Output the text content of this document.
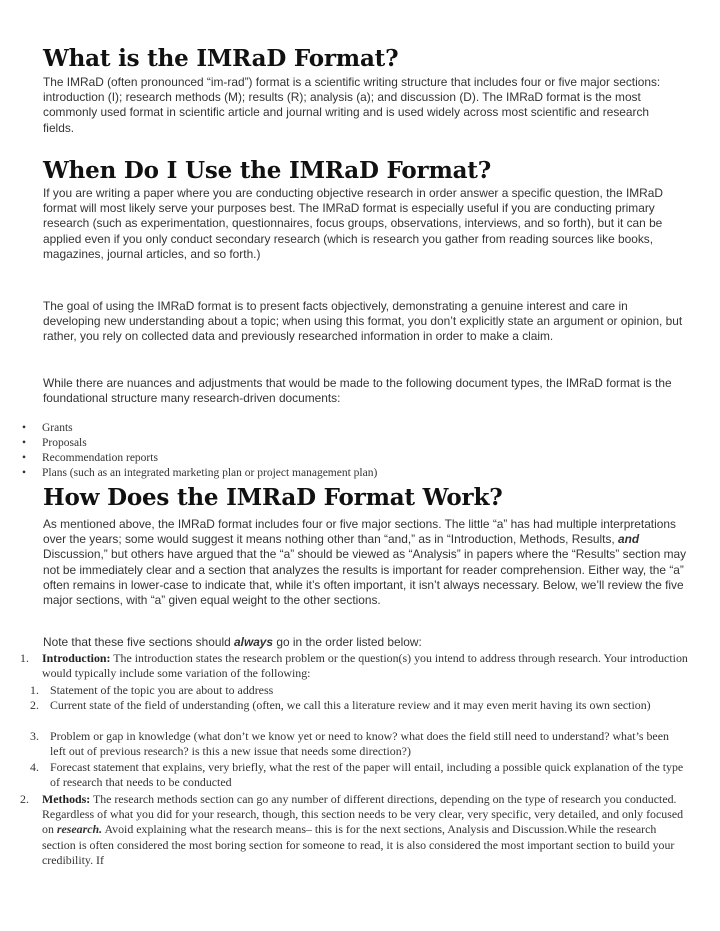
What is the IMRaD Format?

The IMRaD (often pronounced “im-rad”) format is a scientific writing structure that includes four or five major sections: introduction (I); research methods (M); results (R); analysis (a); and discussion (D). The IMRaD format is the most commonly used format in scientific article and journal writing and is used widely across most scientific and research fields.

When Do I Use the IMRaD Format?

If you are writing a paper where you are conducting objective research in order answer a specific question, the IMRaD format will most likely serve your purposes best. The IMRaD format is especially useful if you are conducting primary research (such as experimentation, questionnaires, focus groups, observations, interviews, and so forth), but it can be applied even if you only conduct secondary research (which is research you gather from reading sources like books, magazines, journal articles, and so forth.)

The goal of using the IMRaD format is to present facts objectively, demonstrating a genuine interest and care in developing new understanding about a topic; when using this format, you don’t explicitly state an argument or opinion, but rather, you rely on collected data and previously researched information in order to make a claim.

While there are nuances and adjustments that would be made to the following document types, the IMRaD format is the foundational structure many research-driven documents:

• Grants
• Proposals
• Recommendation reports
• Plans (such as an integrated marketing plan or project management plan)
How Does the IMRaD Format Work?

As mentioned above, the IMRaD format includes four or five major sections. The little “a” has had multiple interpretations over the years; some would suggest it means nothing other than “and,” as in “Introduction, Methods, Results, and Discussion,” but others have argued that the “a” should be viewed as “Analysis” in papers where the “Results” section may not be immediately clear and a section that analyzes the results is important for reader comprehension. Either way, the “a” often remains in lower-case to indicate that, while it’s often important, it isn’t always necessary. Below, we’ll review the five major sections, with “a” given equal weight to the other sections.

Note that these five sections should always go in the order listed below:

1. Introduction: The introduction states the research problem or the question(s) you intend to address through research. Your introduction would typically include some variation of the following:

1. Statement of the topic you are about to address

2. Current state of the field of understanding (often, we call this a literature review and it may even merit having its own section)

3. Problem or gap in knowledge (what don’t we know yet or need to know? what does the field still need to understand? what’s been left out of previous research? is this a new issue that needs some direction?)

4. Forecast statement that explains, very briefly, what the rest of the paper will entail, including a possible quick explanation of the type of research that needs to be conducted

2. Methods: The research methods section can go any number of different directions, depending on the type of research you conducted. Regardless of what you did for your research, though, this section needs to be very clear, very specific, very detailed, and only focused on research. Avoid explaining what the research means– this is for the next sections, Analysis and Discussion.While the research section is often considered the most boring section for someone to read, it is also considered the most important section to build your credibility. If
